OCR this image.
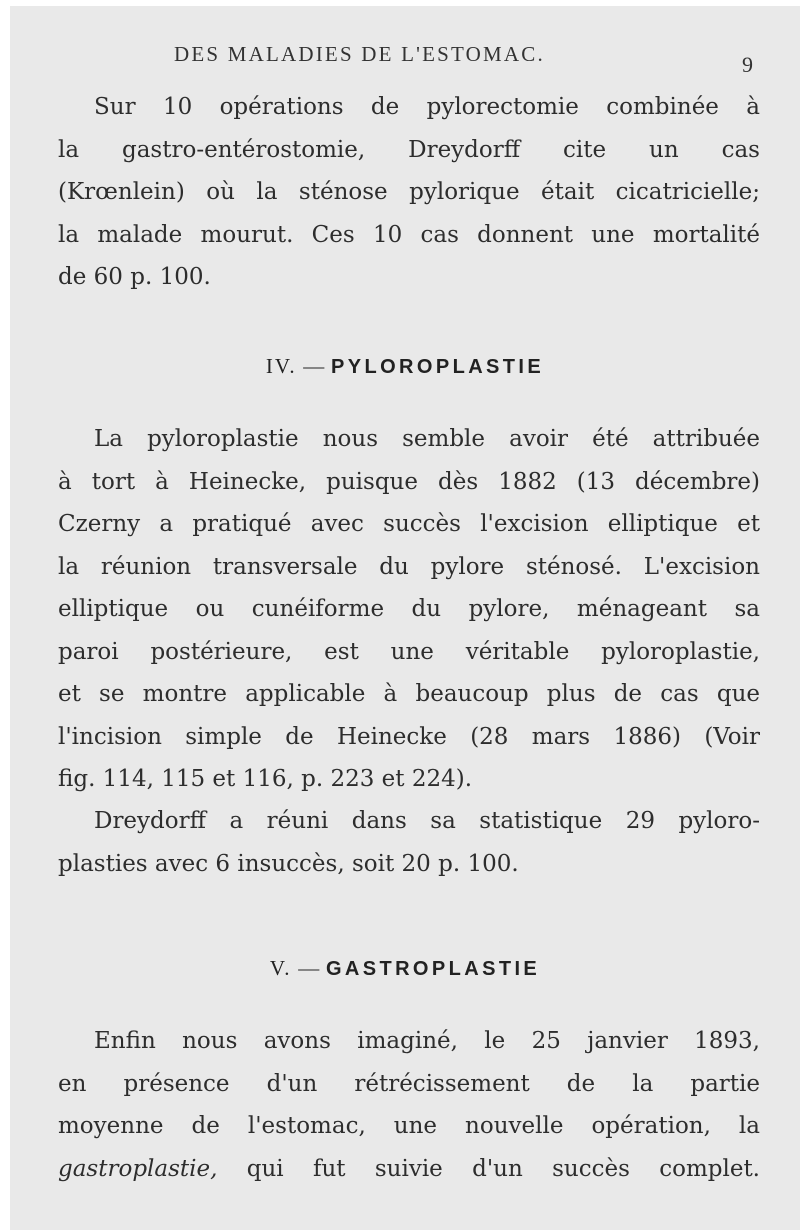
DES MALADIES DE L'ESTOMAC.	9
Sur 10 opérations de pylorectomie combinée à
la gastro-entérostomie, Dreydorff cite un cas
(Krœnlein) où la sténose pylorique était cicatricielle;
la malade mourut. Ces 10 cas donnent une mortalité
de 60 p. 100.
IV. — PYLOROPLASTIE
La pyloroplastie nous semble avoir été attribuée
à tort à Heinecke, puisque dès 1882 (13 décembre)
Czerny a pratiqué avec succès l'excision elliptique et
la réunion transversale du pylore sténosé. L'excision
elliptique ou cunéiforme du pylore, ménageant sa
paroi postérieure, est une véritable pyloroplastie,
et se montre applicable à beaucoup plus de cas que
l'incision simple de Heinecke (28 mars 1886) (Voir
fig. 114, 115 et 116, p. 223 et 224).
Dreydorff a réuni dans sa statistique 29 pyloro-
plasties avec 6 insuccès, soit 20 p. 100.
V. — GASTROPLASTIE
Enfin nous avons imaginé, le 25 janvier 1893,
en présence d'un rétrécissement de la partie
moyenne de l'estomac, une nouvelle opération, la
gastroplastie, qui fut suivie d'un succès complet.
